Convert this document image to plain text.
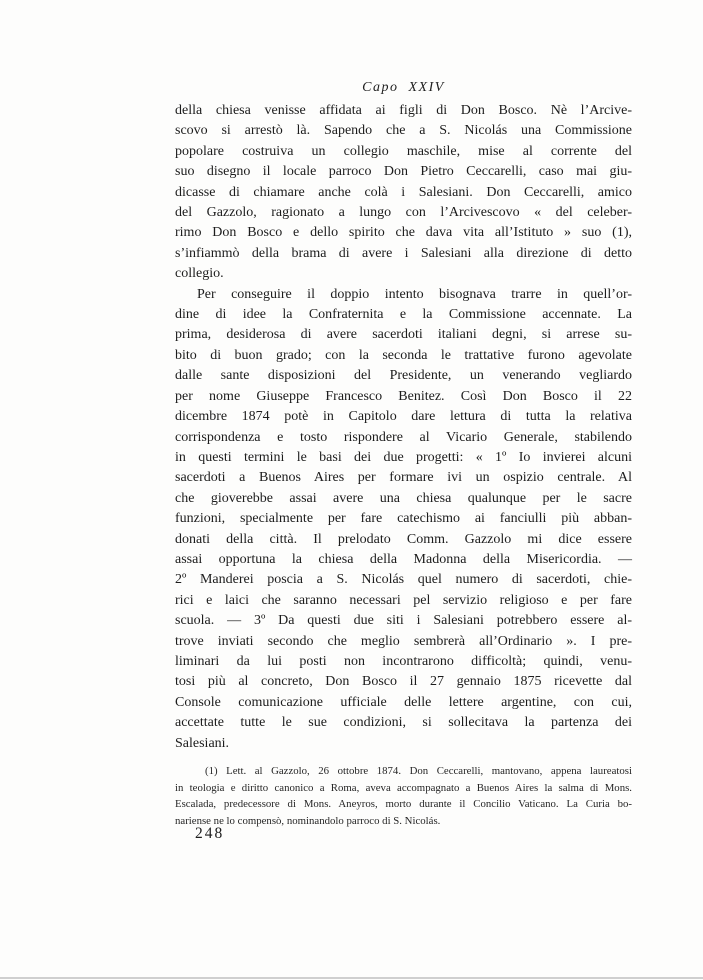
Capo XXIV
della chiesa venisse affidata ai figli di Don Bosco. Nè l’Arcive-
scovo si arrestò là. Sapendo che a S. Nicolás una Commissione
popolare costruiva un collegio maschile, mise al corrente del
suo disegno il locale parroco Don Pietro Ceccarelli, caso mai giu-
dicasse di chiamare anche colà i Salesiani. Don Ceccarelli, amico
del Gazzolo, ragionato a lungo con l’Arcivescovo « del celeber-
rimo Don Bosco e dello spirito che dava vita all’Istituto » suo (1),
s’infiammò della brama di avere i Salesiani alla direzione di detto
collegio.
Per conseguire il doppio intento bisognava trarre in quell’or-
dine di idee la Confraternita e la Commissione accennate. La
prima, desiderosa di avere sacerdoti italiani degni, si arrese su-
bito di buon grado; con la seconda le trattative furono agevolate
dalle sante disposizioni del Presidente, un venerando vegliardo
per nome Giuseppe Francesco Benitez. Così Don Bosco il 22
dicembre 1874 potè in Capitolo dare lettura di tutta la relativa
corrispondenza e tosto rispondere al Vicario Generale, stabilendo
in questi termini le basi dei due progetti: « 1º Io invierei alcuni
sacerdoti a Buenos Aires per formare ivi un ospizio centrale. Al
che gioverebbe assai avere una chiesa qualunque per le sacre
funzioni, specialmente per fare catechismo ai fanciulli più abban-
donati della città. Il prelodato Comm. Gazzolo mi dice essere
assai opportuna la chiesa della Madonna della Misericordia. —
2º Manderei poscia a S. Nicolás quel numero di sacerdoti, chie-
rici e laici che saranno necessari pel servizio religioso e per fare
scuola. — 3º Da questi due siti i Salesiani potrebbero essere al-
trove inviati secondo che meglio sembrerà all’Ordinario ». I pre-
liminari da lui posti non incontrarono difficoltà; quindi, venu-
tosi più al concreto, Don Bosco il 27 gennaio 1875 ricevette dal
Console comunicazione ufficiale delle lettere argentine, con cui,
accettate tutte le sue condizioni, si sollecitava la partenza dei
Salesiani.
(1) Lett. al Gazzolo, 26 ottobre 1874. Don Ceccarelli, mantovano, appena laureatosi
in teologia e diritto canonico a Roma, aveva accompagnato a Buenos Aires la salma di Mons.
Escalada, predecessore di Mons. Aneyros, morto durante il Concilio Vaticano. La Curia bo-
nariense ne lo compensò, nominandolo parroco di S. Nicolás.
248
